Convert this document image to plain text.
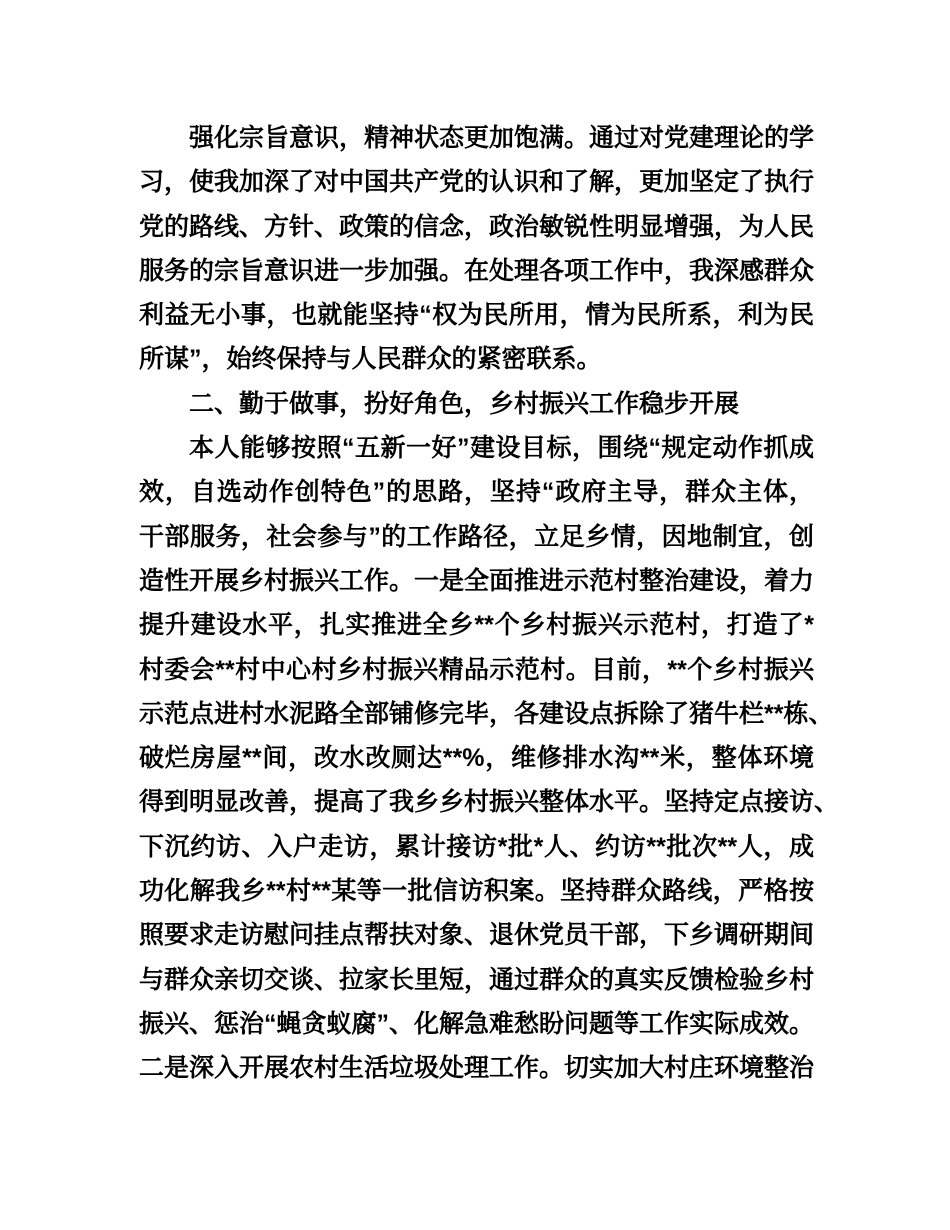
强化宗旨意识，精神状态更加饱满。通过对党建理论的学
习，使我加深了对中国共产党的认识和了解，更加坚定了执行
党的路线、方针、政策的信念，政治敏锐性明显增强，为人民
服务的宗旨意识进一步加强。在处理各项工作中，我深感群众
利益无小事，也就能坚持“权为民所用，情为民所系，利为民
所谋”，始终保持与人民群众的紧密联系。
二、勤于做事，扮好角色，乡村振兴工作稳步开展
本人能够按照“五新一好”建设目标，围绕“规定动作抓成
效，自选动作创特色”的思路，坚持“政府主导，群众主体，
干部服务，社会参与”的工作路径，立足乡情，因地制宜，创
造性开展乡村振兴工作。一是全面推进示范村整治建设，着力
提升建设水平，扎实推进全乡**个乡村振兴示范村，打造了*
村委会**村中心村乡村振兴精品示范村。目前，**个乡村振兴
示范点进村水泥路全部铺修完毕，各建设点拆除了猪牛栏**栋、
破烂房屋**间，改水改厕达**%，维修排水沟**米，整体环境
得到明显改善，提高了我乡乡村振兴整体水平。坚持定点接访、
下沉约访、入户走访，累计接访*批*人、约访**批次**人，成
功化解我乡**村**某等一批信访积案。坚持群众路线，严格按
照要求走访慰问挂点帮扶对象、退休党员干部，下乡调研期间
与群众亲切交谈、拉家长里短，通过群众的真实反馈检验乡村
振兴、惩治“蝇贪蚁腐”、化解急难愁盼问题等工作实际成效。
二是深入开展农村生活垃圾处理工作。切实加大村庄环境整治
